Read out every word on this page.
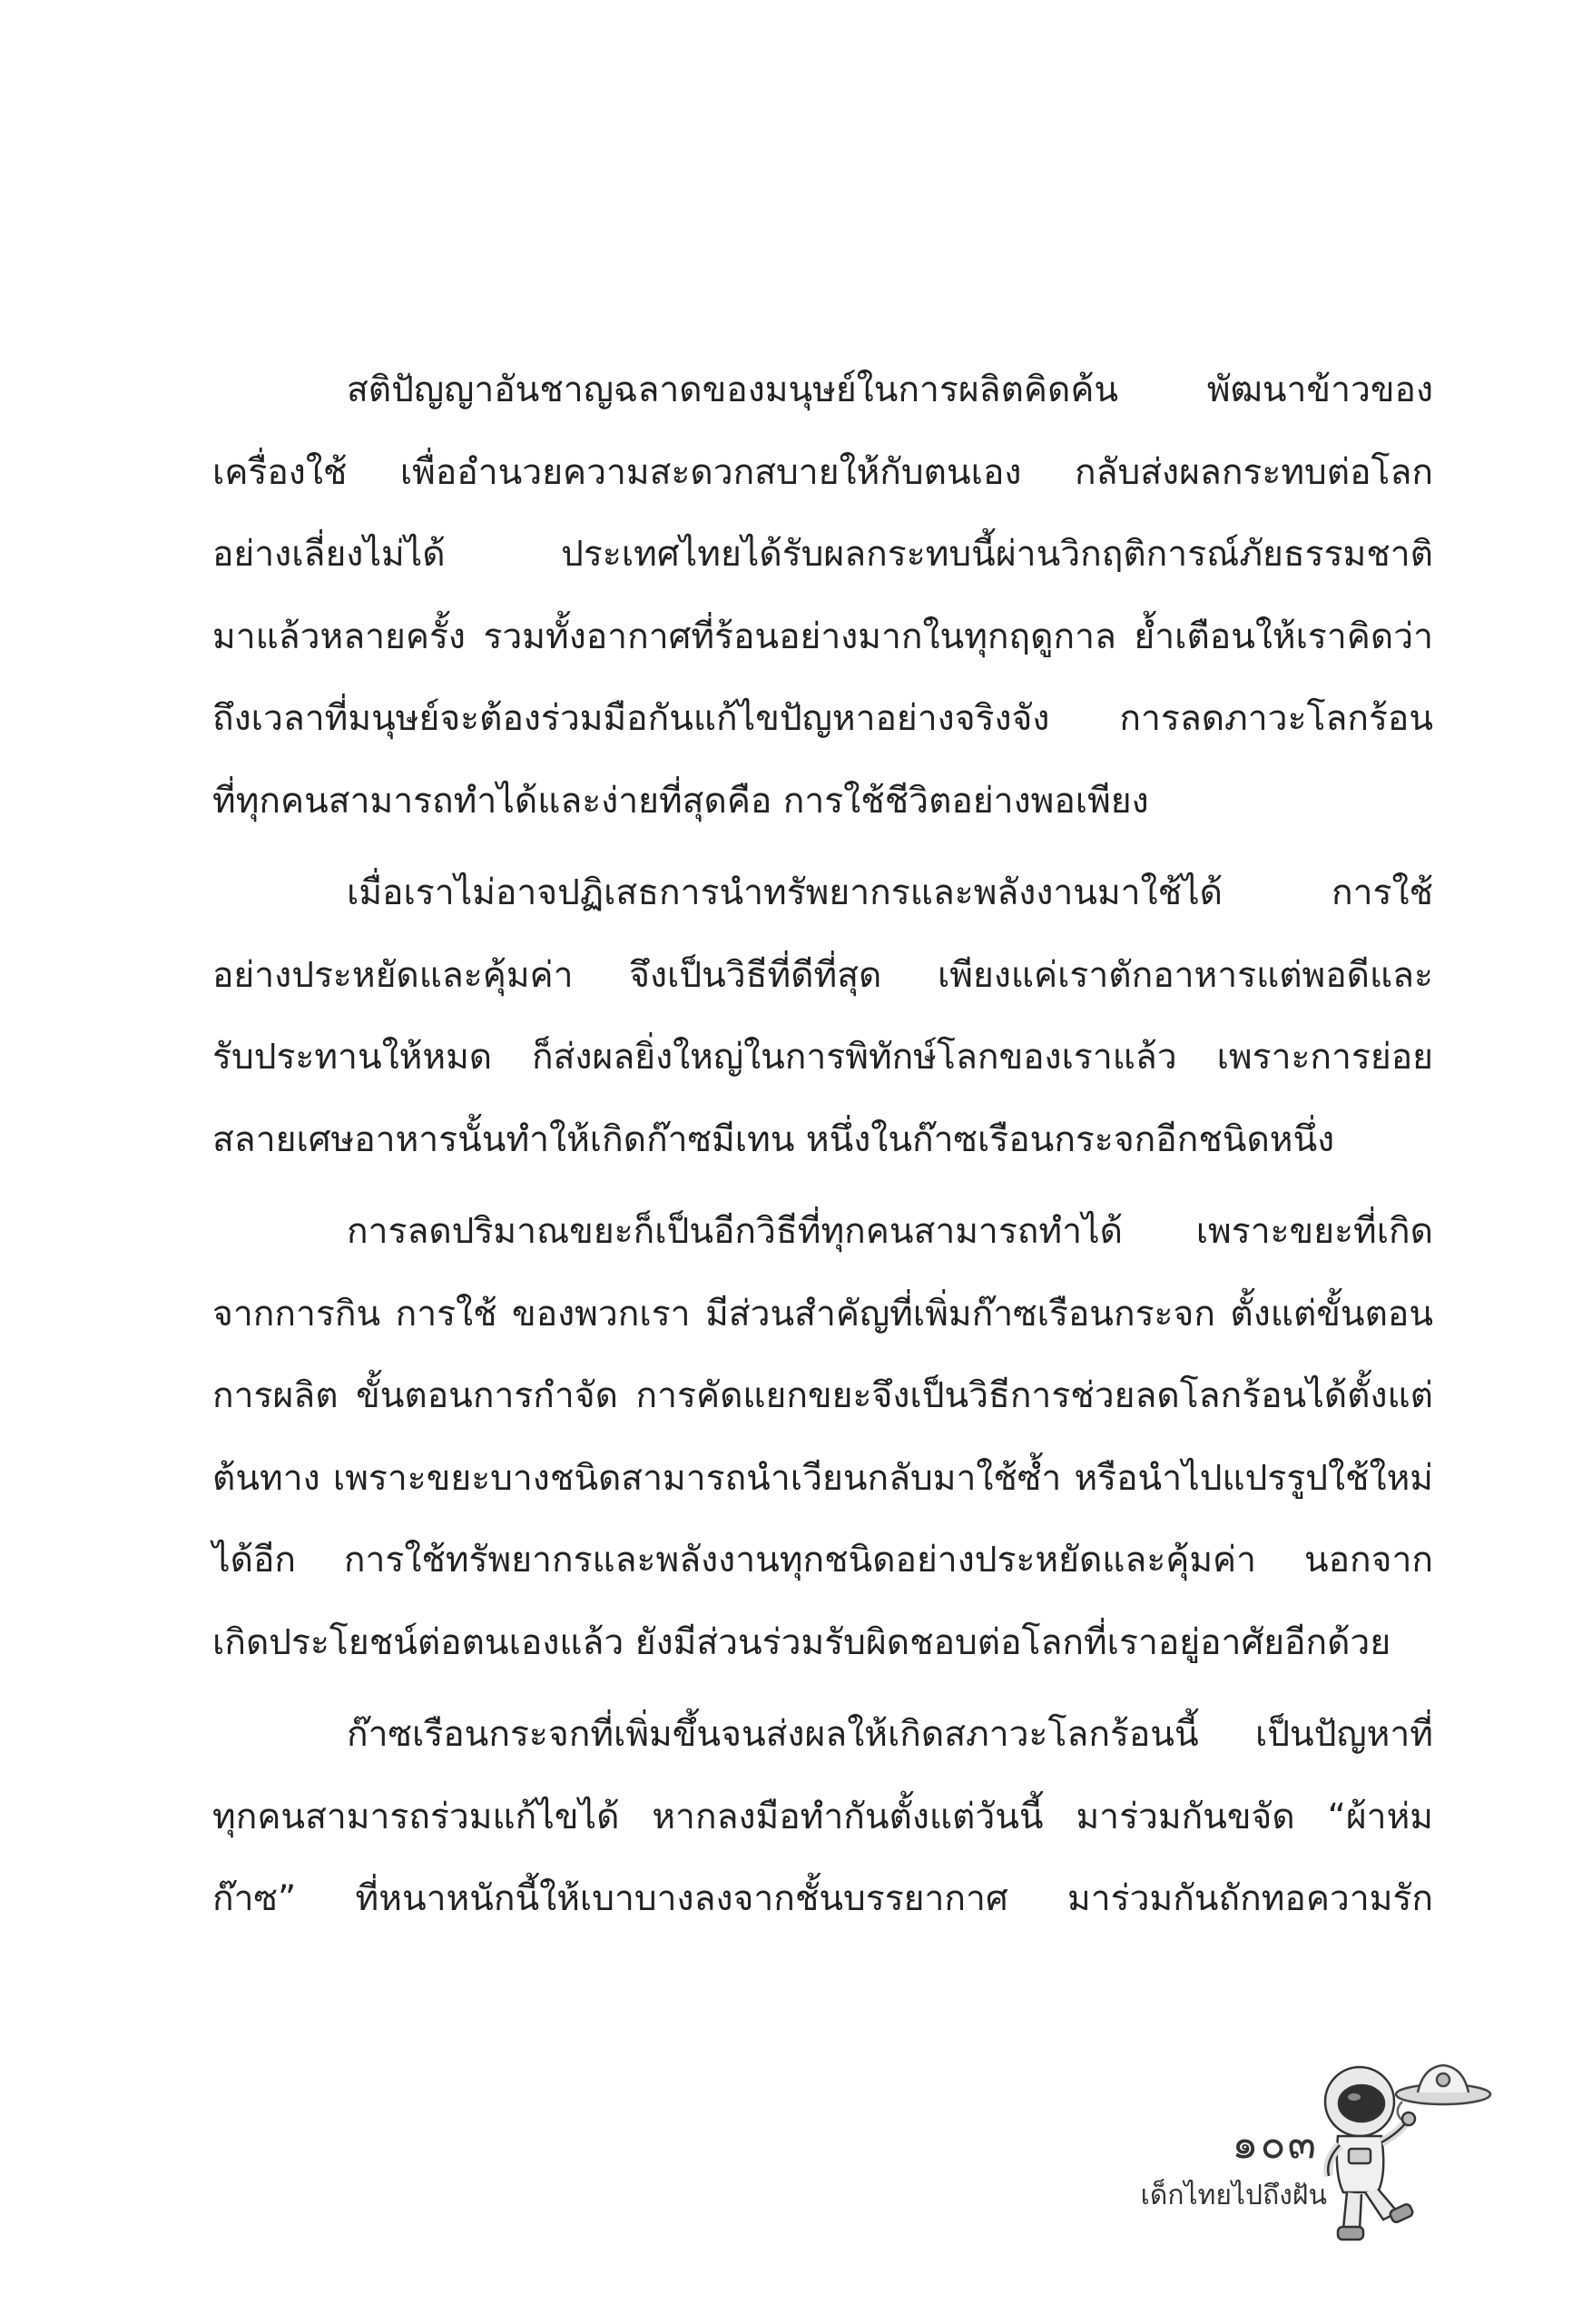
สติปัญญาอันชาญฉลาดของมนุษย์ในการผลิตคิดค้น พัฒนาข้าวของ
เครื่องใช้ เพื่ออำนวยความสะดวกสบายให้กับตนเอง กลับส่งผลกระทบต่อโลก
อย่างเลี่ยงไม่ได้ ประเทศไทยได้รับผลกระทบนี้ผ่านวิกฤติการณ์ภัยธรรมชาติ
มาแล้วหลายครั้ง รวมทั้งอากาศที่ร้อนอย่างมากในทุกฤดูกาล ย้ำเตือนให้เราคิดว่า
ถึงเวลาที่มนุษย์จะต้องร่วมมือกันแก้ไขปัญหาอย่างจริงจัง การลดภาวะโลกร้อน
ที่ทุกคนสามารถทำได้และง่ายที่สุดคือ การใช้ชีวิตอย่างพอเพียง
เมื่อเราไม่อาจปฏิเสธการนำทรัพยากรและพลังงานมาใช้ได้ การใช้
อย่างประหยัดและคุ้มค่า จึงเป็นวิธีที่ดีที่สุด เพียงแค่เราตักอาหารแต่พอดีและ
รับประทานให้หมด ก็ส่งผลยิ่งใหญ่ในการพิทักษ์โลกของเราแล้ว เพราะการย่อย
สลายเศษอาหารนั้นทำให้เกิดก๊าซมีเทน หนึ่งในก๊าซเรือนกระจกอีกชนิดหนึ่ง
การลดปริมาณขยะก็เป็นอีกวิธีที่ทุกคนสามารถทำได้ เพราะขยะที่เกิด
จากการกิน การใช้ ของพวกเรา มีส่วนสำคัญที่เพิ่มก๊าซเรือนกระจก ตั้งแต่ขั้นตอน
การผลิต ขั้นตอนการกำจัด การคัดแยกขยะจึงเป็นวิธีการช่วยลดโลกร้อนได้ตั้งแต่
ต้นทาง เพราะขยะบางชนิดสามารถนำเวียนกลับมาใช้ซ้ำ หรือนำไปแปรรูปใช้ใหม่
ได้อีก การใช้ทรัพยากรและพลังงานทุกชนิดอย่างประหยัดและคุ้มค่า นอกจาก
เกิดประโยชน์ต่อตนเองแล้ว ยังมีส่วนร่วมรับผิดชอบต่อโลกที่เราอยู่อาศัยอีกด้วย
ก๊าซเรือนกระจกที่เพิ่มขึ้นจนส่งผลให้เกิดสภาวะโลกร้อนนี้ เป็นปัญหาที่
ทุกคนสามารถร่วมแก้ไขได้ หากลงมือทำกันตั้งแต่วันนี้ มาร่วมกันขจัด “ผ้าห่ม
ก๊าซ” ที่หนาหนักนี้ให้เบาบางลงจากชั้นบรรยากาศ มาร่วมกันถักทอความรัก
๑๐๓
เด็กไทยไปถึงฝัน
